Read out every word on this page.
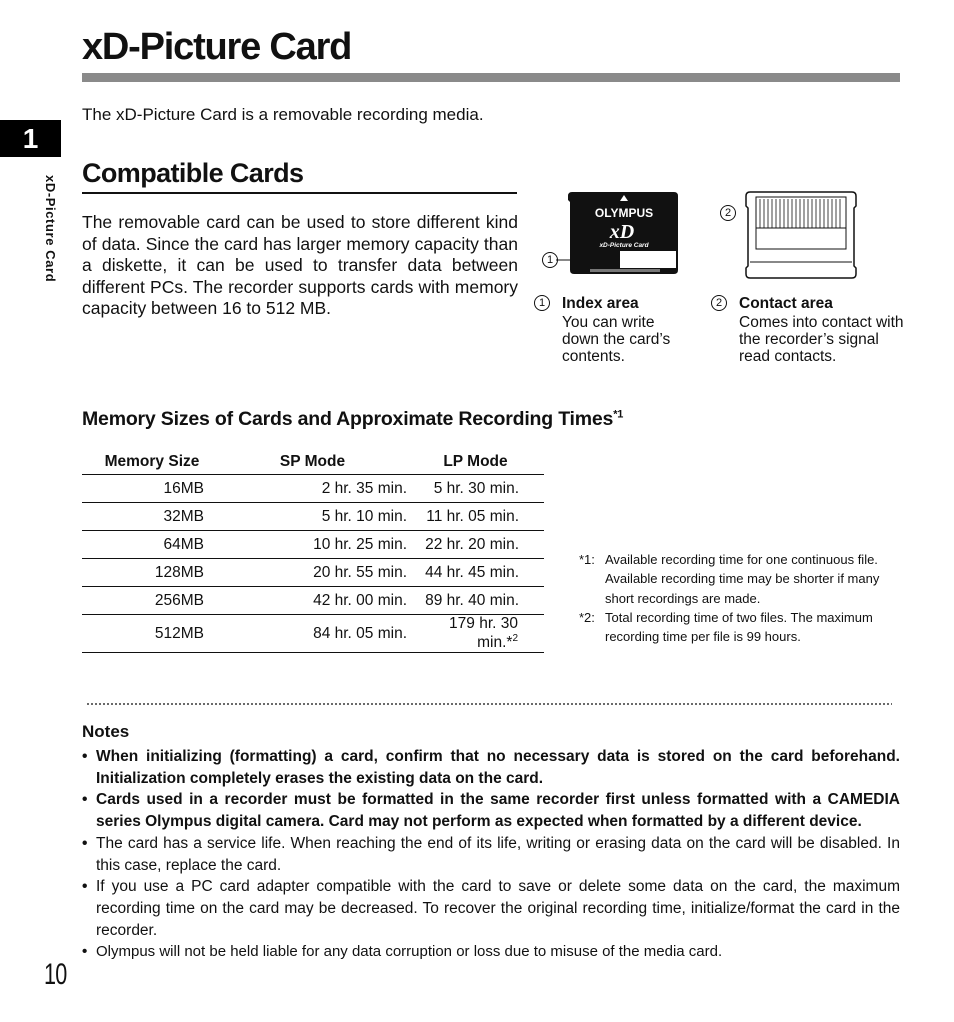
xD-Picture Card
The xD-Picture Card is a removable recording media.
1
xD-Picture Card
Compatible Cards
The removable card can be used to store different kind of data. Since the card has larger memory capacity than a diskette, it can be used to transfer data between different PCs. The recorder supports cards with memory capacity between 16 to 512 MB.
OLYMPUS
xD
xD-Picture Card
1
2
1	Index area
You can write down the card’s contents.
2	Contact area
Comes into contact with the recorder’s signal read contacts.
Memory Sizes of Cards and Approximate Recording Times$^{*1}$
Memory Size	SP Mode	LP Mode
16MB	2 hr. 35 min.	5 hr. 30 min.
32MB	5 hr. 10 min.	11 hr. 05 min.
64MB	10 hr. 25 min.	22 hr. 20 min.
128MB	20 hr. 55 min.	44 hr. 45 min.
256MB	42 hr. 00 min.	89 hr. 40 min.
512MB	84 hr. 05 min.	179 hr. 30 min.*$^2$
*1: Available recording time for one continuous file. Available recording time may be shorter if many short recordings are made.
*2: Total recording time of two files. The maximum recording time per file is 99 hours.
Notes
• When initializing (formatting) a card, confirm that no necessary data is stored on the card beforehand. Initialization completely erases the existing data on the card.
• Cards used in a recorder must be formatted in the same recorder first unless formatted with a CAMEDIA series Olympus digital camera. Card may not perform as expected when formatted by a different device.
• The card has a service life. When reaching the end of its life, writing or erasing data on the card will be disabled. In this case, replace the card.
• If you use a PC card adapter compatible with the card to save or delete some data on the card, the maximum recording time on the card may be decreased. To recover the original recording time, initialize/format the card in the recorder.
• Olympus will not be held liable for any data corruption or loss due to misuse of the media card.
10
